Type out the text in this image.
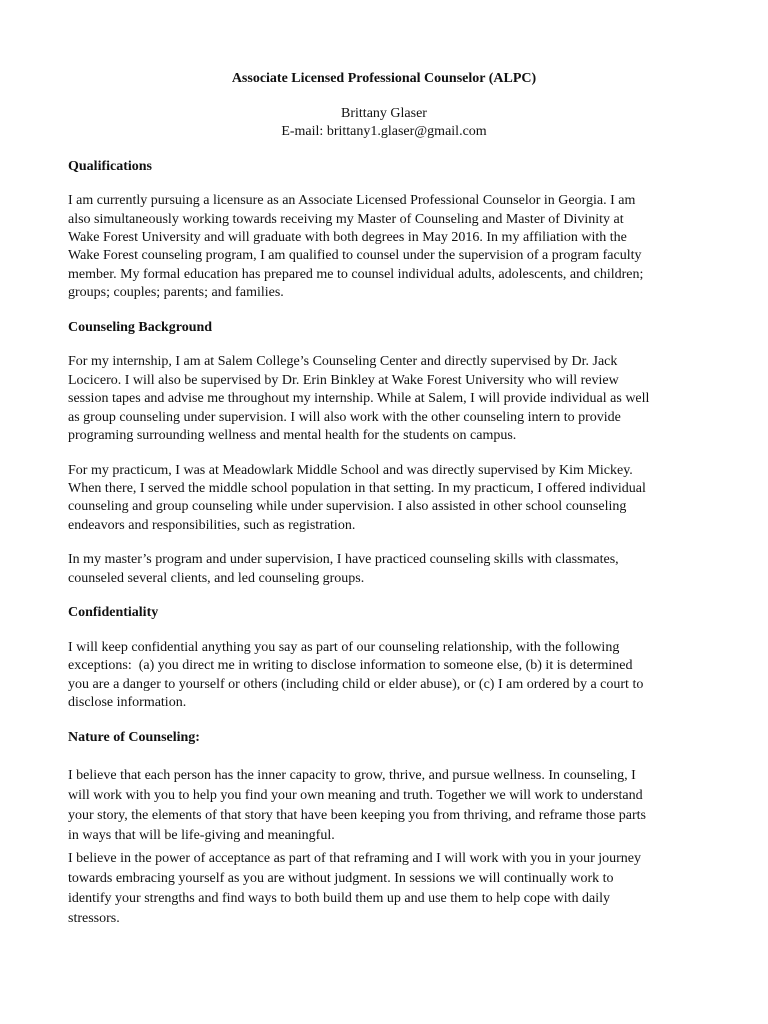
Associate Licensed Professional Counselor (ALPC)
Brittany Glaser
E-mail: brittany1.glaser@gmail.com
Qualifications
I am currently pursuing a licensure as an Associate Licensed Professional Counselor in Georgia. I am
also simultaneously working towards receiving my Master of Counseling and Master of Divinity at
Wake Forest University and will graduate with both degrees in May 2016. In my affiliation with the
Wake Forest counseling program, I am qualified to counsel under the supervision of a program faculty
member. My formal education has prepared me to counsel individual adults, adolescents, and children;
groups; couples; parents; and families.
Counseling Background
For my internship, I am at Salem College’s Counseling Center and directly supervised by Dr. Jack
Locicero. I will also be supervised by Dr. Erin Binkley at Wake Forest University who will review
session tapes and advise me throughout my internship. While at Salem, I will provide individual as well
as group counseling under supervision. I will also work with the other counseling intern to provide
programing surrounding wellness and mental health for the students on campus.
For my practicum, I was at Meadowlark Middle School and was directly supervised by Kim Mickey.
When there, I served the middle school population in that setting. In my practicum, I offered individual
counseling and group counseling while under supervision. I also assisted in other school counseling
endeavors and responsibilities, such as registration.
In my master’s program and under supervision, I have practiced counseling skills with classmates,
counseled several clients, and led counseling groups.
Confidentiality
I will keep confidential anything you say as part of our counseling relationship, with the following
exceptions:  (a) you direct me in writing to disclose information to someone else, (b) it is determined
you are a danger to yourself or others (including child or elder abuse), or (c) I am ordered by a court to
disclose information.
Nature of Counseling:
I believe that each person has the inner capacity to grow, thrive, and pursue wellness. In counseling, I
will work with you to help you find your own meaning and truth. Together we will work to understand
your story, the elements of that story that have been keeping you from thriving, and reframe those parts
in ways that will be life-giving and meaningful.
I believe in the power of acceptance as part of that reframing and I will work with you in your journey
towards embracing yourself as you are without judgment. In sessions we will continually work to
identify your strengths and find ways to both build them up and use them to help cope with daily
stressors.
